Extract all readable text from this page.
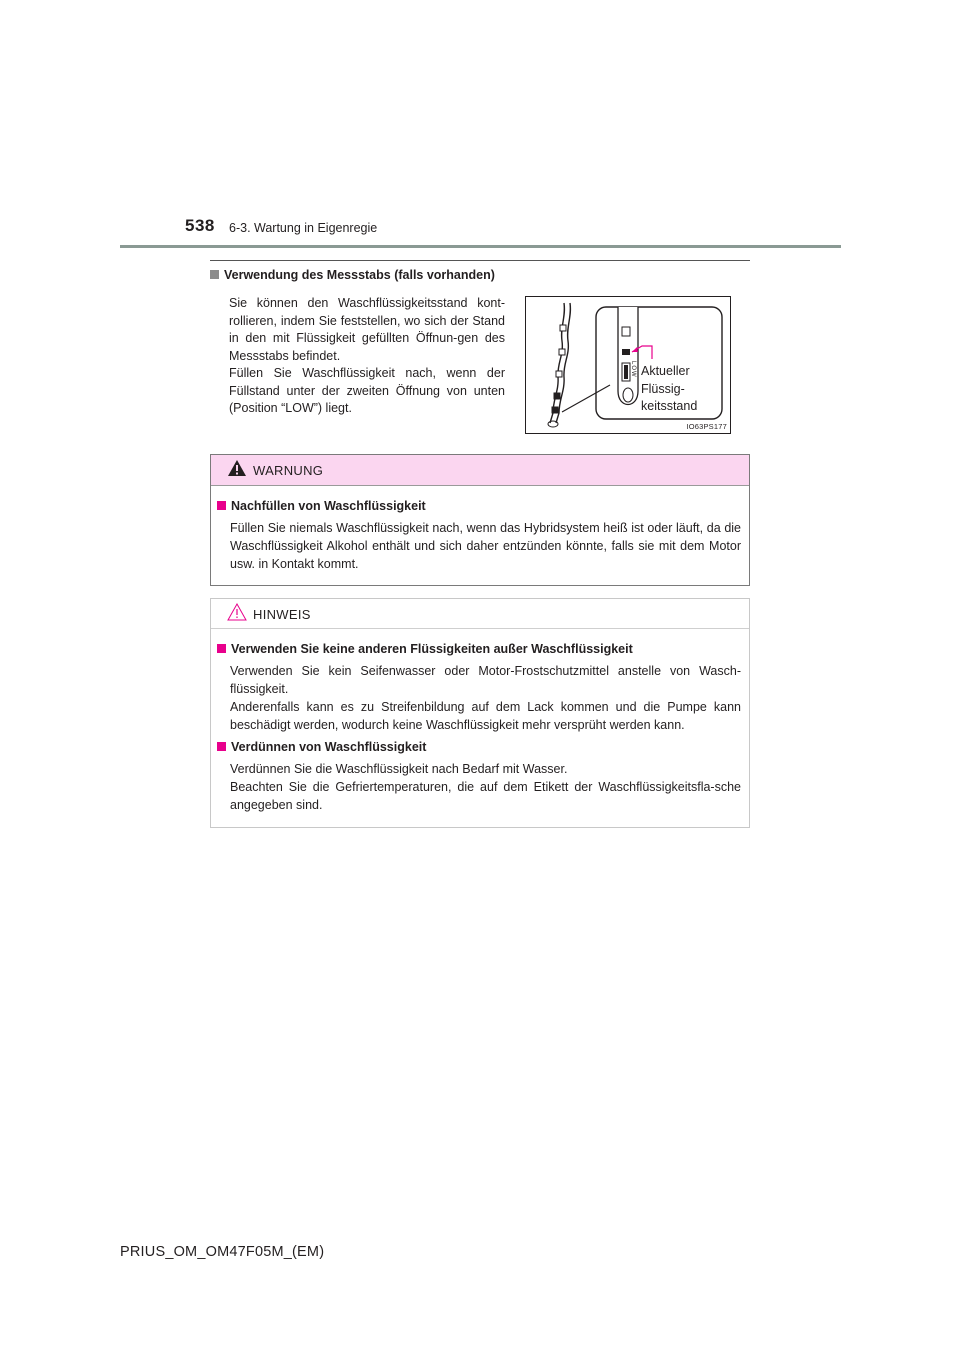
538 6-3. Wartung in Eigenregie
Verwendung des Messstabs (falls vorhanden)

Sie können den Waschflüssigkeitsstand kont-rollieren, indem Sie feststellen, wo sich der Stand in den mit Flüssigkeit gefüllten Öffnun-gen des Messstabs befindet.

Füllen Sie Waschflüssigkeit nach, wenn der Füllstand unter der zweiten Öffnung von unten (Position “LOW”) liegt.

LOW Aktueller
Flüssig-
keitsstand
IO63PS177
WARNUNG
Nachfüllen von Waschflüssigkeit

Füllen Sie niemals Waschflüssigkeit nach, wenn das Hybridsystem heiß ist oder läuft, da die Waschflüssigkeit Alkohol enthält und sich daher entzünden könnte, falls sie mit dem Motor usw. in Kontakt kommt.

HINWEIS
Verwenden Sie keine anderen Flüssigkeiten außer Waschflüssigkeit

Verwenden Sie kein Seifenwasser oder Motor-Frostschutzmittel anstelle von Wasch-flüssigkeit.

Anderenfalls kann es zu Streifenbildung auf dem Lack kommen und die Pumpe kann beschädigt werden, wodurch keine Waschflüssigkeit mehr versprüht werden kann.

Verdünnen von Waschflüssigkeit

Verdünnen Sie die Waschflüssigkeit nach Bedarf mit Wasser.

Beachten Sie die Gefriertemperaturen, die auf dem Etikett der Waschflüssigkeitsfla-sche angegeben sind.

PRIUS_OM_OM47F05M_(EM)
